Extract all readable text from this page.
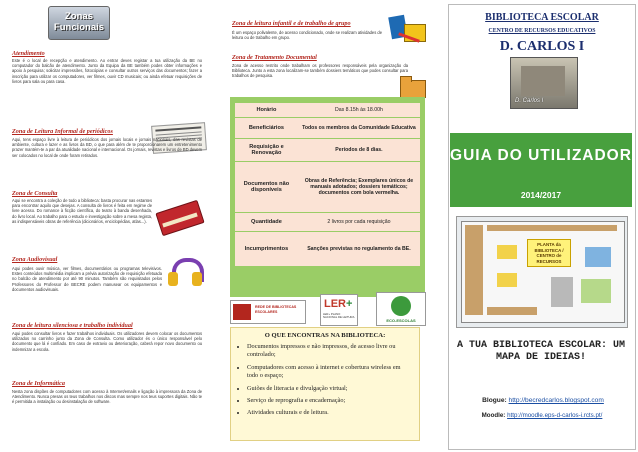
Zonas Funcionais
Atendimento
Este é o local de recepção e atendimento. Ao entrar deves registar a tua utilização da BE no computador do balcão de atendimento. Junto da Equipa da BE também podes obter informações e apoio à pesquisa; solicitar impressões, fotocópias e consultar outros serviços das documentos; fazer a inscrição para utilizar os computadores, ver filmes, ouvir CD musicais; ou ainda efetuar requisições de livros para sala ou para casa.
Zona de Leitura Informal de periódicos
Aqui, tens espaço livre à leitura de periódicos dos jornais locais e jornais nacionais, das revistas de ambiente, cultura e lazer e as livros da BD, o que para além de te proporcionarem um entretenimento prazer mantém-te a par da atualidade nacional e internacional. Os jornais, revistas e livros de BD devem ser colocados no local de onde foram retirados.
Zona de Consulta
Aqui se encontra a coleção de todo a biblioteca: basta procurar nas estantes para encontrar aquilo que desejas. A consulta de livros é feita em regime de livre acesso. Do romance à ficção científica, do teatro à banda desenhada, do livro local. Ao trabalho para o estudo e investigação sobre a mesa regista, as indispensáveis obras de referência (dicionários, enciclopédias, atlas...).
Zona Audiovisual
Aqui podes ouvir música, ver filmes, documentários ou programas televisivos. Estes conteúdos multimédia implicam a prévia autorização de requisição efetuada no balcão de atendimento por até 90 minutos. Também são requisitados pelos Professores do Professor de BECRE podem manusear os equipamentos e documentos audiovisuais.
Zona de leitura silenciosa e trabalho individual
Aqui podes consultar livros e fazer trabalhos individuais. Os utilizadores devem colocar os documentos utilizados no carrinho junto da Zona de Consulta. Como utilizador és o único responsável pelo documento que lá é confiado. Em caso de extravio ou deterioração, caberá repor novo documento ou indemnizar a escola.
Zona de Informática
Nesta zona dispões de computadores com acesso à Internet/emails e ligação à impressora da Zona de Atendimento. Nunca presas os teus trabalhos nos discos mas sempre nos teus suportes digitais. Não te é permitida a instalação ou desinstalação de software.
Zona de leitura infantil e de trabalho de grupo
É um espaço polivalente, de acesso condicionado, onde se realizam atividades de leitura ou de trabalho em grupo.
Zona de Tratamento Documental
Zona de acesso restrito onde trabalham os professores responsáveis pela organização da Biblioteca. Junto a esta zona localizam-se também dossiers temáticos que podes consultar para trabalhos de pesquisa.
Horário	Das 8.15h às 18.00h
Beneficiários	Todos os membros da Comunidade Educativa
Requisição e Renovação	Períodos de 8 dias.
Documentos não disponíveis	Obras de Referência; Exemplares únicos de manuais adotados; dossiers temáticos; documentos com bola vermelha.
Quantidade	2 livros por cada requisição
Incumprimentos	Sanções previstas no regulamento da BE.
REDE DE BIBLIOTECAS ESCOLARES
LER+
LER+ PLANO NACIONAL DE LEITURA
ECO-ESCOLAS
O QUE ENCONTRAS NA BIBLIOTECA:
• Documentos impressos e não impressos, de acesso livre ou controlado;
• Computadores com acesso à internet e cobertura wireless em todo o espaço;
• Guiões de literacia e divulgação virtual;
• Serviço de reprografia e encadernação;
• Atividades culturais e de leitura.
BIBLIOTECA ESCOLAR
CENTRO DE RECURSOS EDUCATIVOS
D. CARLOS I
D. Carlos I
GUIA DO UTILIZADOR
2014/2017
PLANTA da BIBLIOTECA / CENTRO de RECURSOS
A TUA BIBLIOTECA ESCOLAR: UM MAPA DE IDEIAS!
Blogue: http://becredcarlos.blogspot.com
Moodle: http://moodle.eps-d-carlos-i.rcts.pt/
